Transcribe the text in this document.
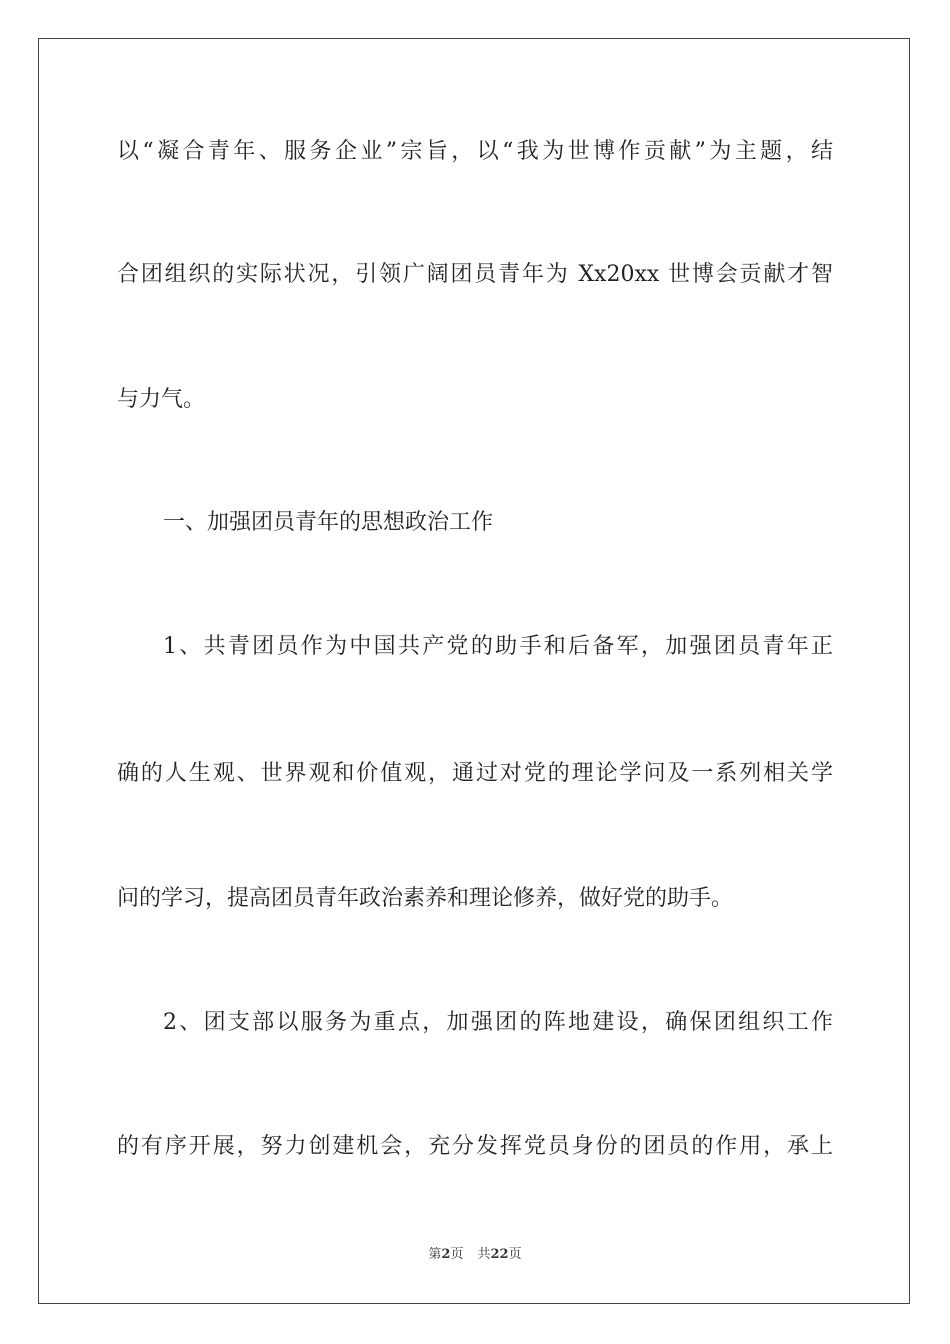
以“凝合青年、服务企业”宗旨，以“我为世博作贡献”为主题，结
合团组织的实际状况，引领广阔团员青年为 Xx20xx 世博会贡献才智
与力气。
一、加强团员青年的思想政治工作
1、共青团员作为中国共产党的助手和后备军，加强团员青年正
确的人生观、世界观和价值观，通过对党的理论学问及一系列相关学
问的学习，提高团员青年政治素养和理论修养，做好党的助手。
2、团支部以服务为重点，加强团的阵地建设，确保团组织工作
的有序开展，努力创建机会，充分发挥党员身份的团员的作用，承上
第2页 共22页
